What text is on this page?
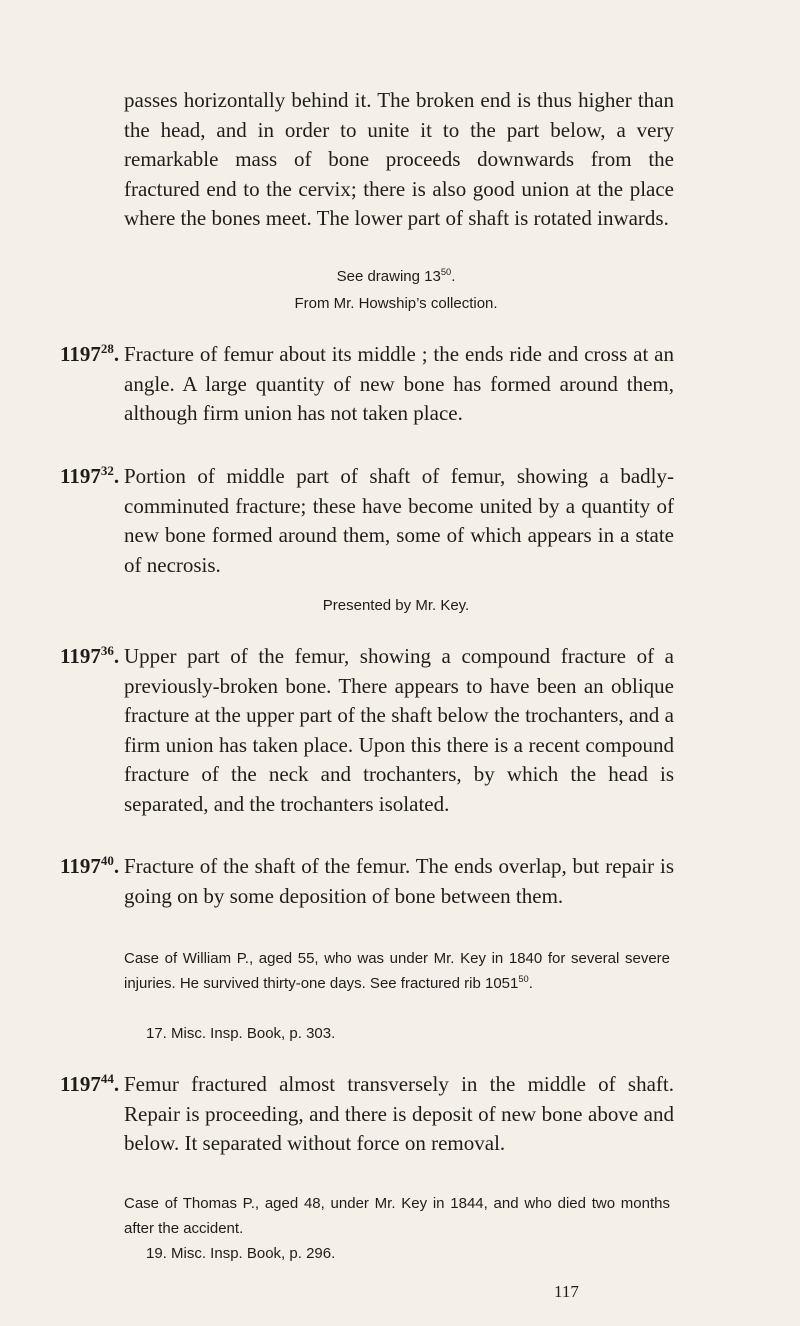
passes horizontally behind it. The broken end is thus higher than the head, and in order to unite it to the part below, a very remarkable mass of bone proceeds downwards from the fractured end to the cervix; there is also good union at the place where the bones meet. The lower part of shaft is rotated inwards.

See drawing $13^{50}$.

From Mr. Howship’s collection.

1197$^{28}$. Fracture of femur about its middle ; the ends ride and cross at an angle. A large quantity of new bone has formed around them, although firm union has not taken place.

1197$^{32}$. Portion of middle part of shaft of femur, showing a badly-comminuted fracture; these have become united by a quantity of new bone formed around them, some of which appears in a state of necrosis.

Presented by Mr. Key.

1197$^{36}$. Upper part of the femur, showing a compound fracture of a previously-broken bone. There appears to have been an oblique fracture at the upper part of the shaft below the trochanters, and a firm union has taken place. Upon this there is a recent compound fracture of the neck and trochanters, by which the head is separated, and the trochanters isolated.

1197$^{40}$. Fracture of the shaft of the femur. The ends overlap, but repair is going on by some deposition of bone between them.

Case of William P., aged 55, who was under Mr. Key in 1840 for several severe injuries. He survived thirty-one days. See fractured rib 1051$^{50}$.

17. Misc. Insp. Book, p. 303.

1197$^{44}$. Femur fractured almost transversely in the middle of shaft. Repair is proceeding, and there is deposit of new bone above and below. It separated without force on removal.

Case of Thomas P., aged 48, under Mr. Key in 1844, and who died two months after the accident.

19. Misc. Insp. Book, p. 296.

117
